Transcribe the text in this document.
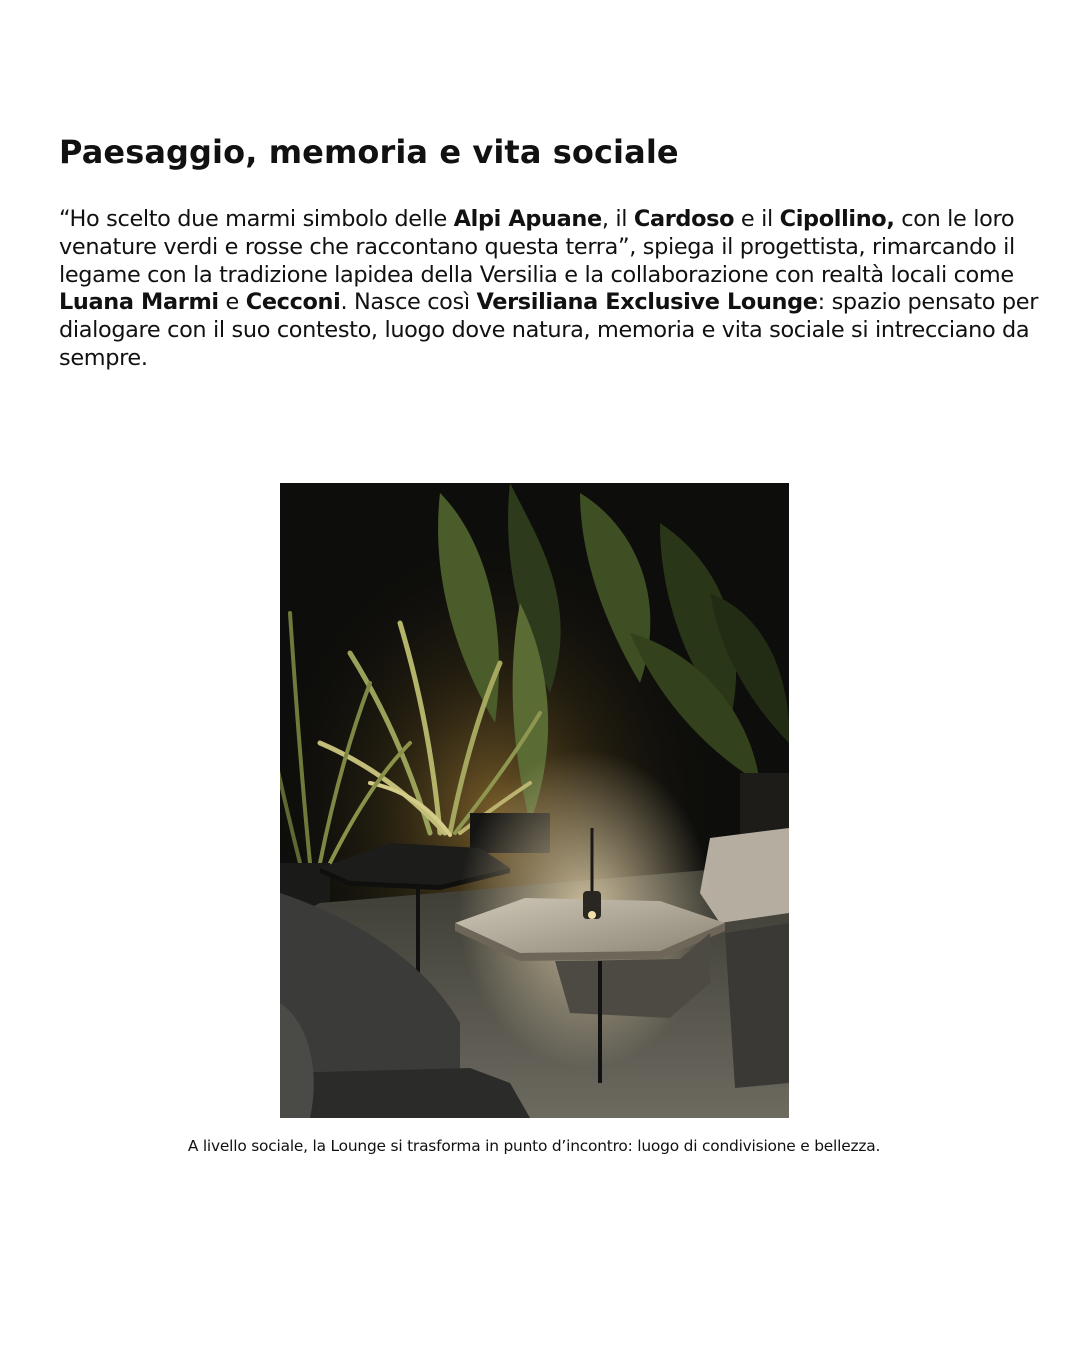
Paesaggio, memoria e vita sociale

“Ho scelto due marmi simbolo delle Alpi Apuane, il Cardoso e il Cipollino, con le loro venature verdi e rosse che raccontano questa terra”, spiega il progettista, rimarcando il legame con la tradizione lapidea della Versilia e la collaborazione con realtà locali come Luana Marmi e Cecconi. Nasce così Versiliana Exclusive Lounge: spazio pensato per dialogare con il suo contesto, luogo dove natura, memoria e vita sociale si intrecciano da sempre.

A livello sociale, la Lounge si trasforma in punto d’incontro: luogo di condivisione e bellezza.
